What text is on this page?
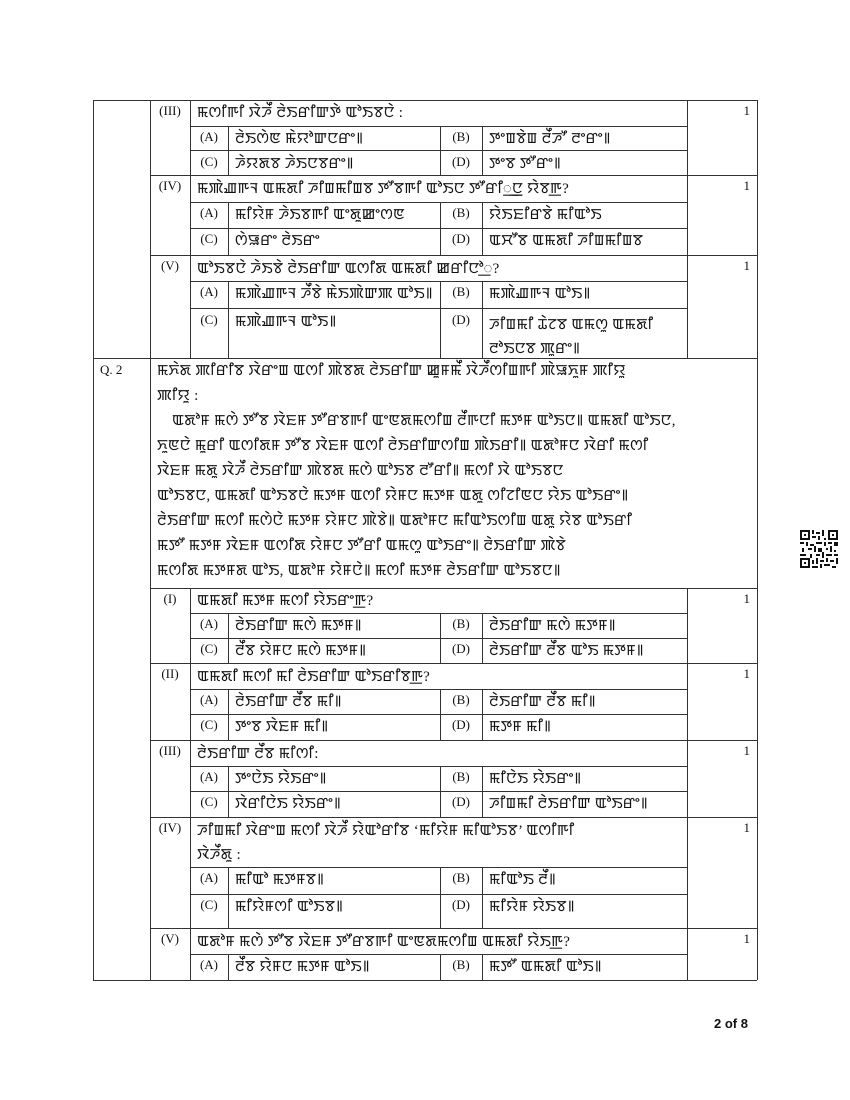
(III)	ꯃꯁꯤꯒꯤ ꯋꯥꯍꯩ ꯂꯥꯏꯔꯤꯛꯇꯥ ꯑꯣꯏꯕꯅꯥ :	1
(A)	ꯂꯥꯏꯁꯥꯟ ꯃꯥꯌꯣꯛꯅꯔꯦ꯫	(B)	ꯇꯦꯡꯕꯥꯡ ꯂꯩꯍꯧ ꯂꯦꯔꯦ꯫
(C)	ꯍꯥꯌꯗꯕ ꯍꯥꯏꯅꯕꯔꯦ꯫	(D)	ꯇꯦꯕ ꯇꯧꯔꯦ꯫
(IV)	ꯃꯄꯥꯉꯒꯜ ꯑꯃꯗꯤ ꯍꯤꯡꯃꯤꯡꯕ ꯇꯧꯕꯒꯤ ꯑꯣꯏꯅ ꯇꯧꯔꯤ꯭ꯅ ꯌꯥꯕꯒ꯭?	1
(A)	ꯃꯤꯌꯥꯝ ꯍꯥꯏꯕꯒꯤ ꯑꯦꯗꯨꯀꯦꯁꯟ	(B)	ꯌꯥꯏꯐꯤꯔꯕꯥ ꯃꯤꯑꯣꯏ
(C)	ꯁꯥꯎꯔꯦ ꯂꯥꯏꯔꯦ	(D)	ꯑꯆꯧꯕ ꯑꯃꯗꯤ ꯍꯤꯡꯃꯤꯡꯕ
(V)	ꯑꯣꯏꯕꯅꯥ ꯍꯥꯏꯕꯥ ꯂꯥꯏꯔꯤꯛ ꯑꯁꯤꯗ ꯑꯃꯗꯤ ꯀꯔꯤꯅꯣ꯭?	1
(A)	ꯃꯄꯥꯉꯒꯜ ꯍꯩꯕꯥ ꯃꯥꯏꯄꯥꯛꯄ ꯑꯣꯏ꯫	(B)	ꯃꯄꯥꯉꯒꯜ ꯑꯣꯏ꯫
(C)	ꯃꯄꯥꯉꯒꯜ ꯑꯣꯏ꯫	(D)	ꯍꯤꯡꯃꯤ ꯊꯥꯖꯕ ꯑꯃꯁꯨ ꯑꯃꯗꯤ ꯂꯣꯏꯅꯕ ꯄꯨꯔꯦ꯫
Q. 2 ꯃꯈꯥꯗ ꯄꯤꯔꯤꯕ ꯋꯥꯔꯦꯡ ꯑꯁꯤ ꯄꯥꯕꯗ ꯂꯥꯏꯔꯤꯛ ꯀꯨꯝꯃꯩ ꯋꯥꯍꯩꯁꯤꯡꯒꯤ ꯄꯥꯎꯈꯨꯝ ꯄꯤꯌꯨ
ꯄꯤꯌꯨ :
ꯑꯗꯣꯝ ꯃꯁꯥ ꯇꯧꯕ ꯋꯥꯐꯝ ꯇꯧꯔꯕꯒꯤ ꯑꯦꯟꯗꯃꯁꯤꯡ ꯂꯩꯒꯅꯤ ꯃꯇꯝ ꯑꯣꯏꯅ꯫ ꯑꯃꯗꯤ ꯑꯣꯏꯅ,
ꯈꯨꯟꯅꯥ ꯃꯨꯔꯤ ꯑꯁꯤꯗꯝ ꯇꯧꯕ ꯋꯥꯐꯝ ꯑꯁꯤ ꯂꯥꯏꯔꯤꯛꯁꯤꯡ ꯄꯥꯏꯔꯤ꯫ ꯑꯗꯣꯝꯅ ꯋꯥꯔꯤ ꯃꯁꯤ
ꯋꯥꯐꯝ ꯃꯗꯨ ꯋꯥꯍꯩ ꯂꯥꯏꯔꯤꯛ ꯄꯥꯕꯗ ꯃꯁꯥ ꯑꯣꯏꯕ ꯂꯧꯔꯤ꯫ ꯃꯁꯤ ꯋꯥ ꯑꯣꯏꯕꯅ
ꯑꯣꯏꯕꯅ, ꯑꯃꯗꯤ ꯑꯣꯏꯕꯅꯥ ꯃꯇꯝ ꯑꯁꯤ ꯌꯥꯝꯅ ꯃꯇꯝ ꯑꯗꯨ ꯁꯤꯖꯤꯟꯅ ꯌꯥꯏ ꯑꯣꯏꯔꯦ꯫
ꯂꯥꯏꯔꯤꯛ ꯃꯁꯤ ꯃꯁꯥꯅꯥ ꯃꯇꯝ ꯌꯥꯝꯅ ꯄꯥꯕꯥ꯫ ꯑꯗꯣꯝꯅ ꯃꯤꯑꯣꯏꯁꯤꯡ ꯑꯗꯨ ꯌꯥꯕ ꯑꯣꯏꯔꯤ
ꯃꯇꯧ ꯃꯇꯝ ꯋꯥꯐꯝ ꯑꯁꯤꯗ ꯌꯥꯝꯅ ꯇꯧꯔꯤ ꯑꯃꯁꯨ ꯑꯣꯏꯔꯦ꯫ ꯂꯥꯏꯔꯤꯛ ꯄꯥꯕꯥ
ꯃꯁꯤꯗ ꯃꯇꯝꯗ ꯑꯣꯏ, ꯑꯗꯣꯝ ꯌꯥꯝꯅꯥ꯫ ꯃꯁꯤ ꯃꯇꯝ ꯂꯥꯏꯔꯤꯛ ꯑꯣꯏꯕꯅ꯫
(I)	ꯑꯃꯗꯤ ꯃꯇꯝ ꯃꯁꯤ ꯌꯥꯏꯔꯦꯒ꯭?	1
(A)	ꯂꯥꯏꯔꯤꯛ ꯃꯁꯥ ꯃꯇꯝ꯫	(B)	ꯂꯥꯏꯔꯤꯛ ꯃꯁꯥ ꯃꯇꯝ꯫
(C)	ꯂꯩꯕ ꯌꯥꯝꯅ ꯃꯁꯥ ꯃꯇꯝ꯫	(D)	ꯂꯥꯏꯔꯤꯛ ꯂꯩꯕ ꯑꯣꯏ ꯃꯇꯝ꯫
(II)	ꯑꯃꯗꯤ ꯃꯁꯤ ꯃꯤ ꯂꯥꯏꯔꯤꯛ ꯑꯣꯏꯔꯤꯕꯒ꯭?	1
(A)	ꯂꯥꯏꯔꯤꯛ ꯂꯩꯕ ꯃꯤ꯫	(B)	ꯂꯥꯏꯔꯤꯛ ꯂꯩꯕ ꯃꯤ꯫
(C)	ꯇꯦꯕ ꯋꯥꯐꯝ ꯃꯤ꯫	(D)	ꯃꯇꯝ ꯃꯤ꯫
(III)	ꯂꯥꯏꯔꯤꯛ ꯂꯩꯕ ꯃꯤꯁꯤ:	1
(A)	ꯇꯦꯅꯥꯏ ꯌꯥꯏꯔꯦ꯫	(B)	ꯃꯤꯅꯥꯏ ꯌꯥꯏꯔꯦ꯫
(C)	ꯋꯥꯔꯤꯅꯥꯏ ꯌꯥꯏꯔꯦ꯫	(D)	ꯍꯤꯡꯃꯤ ꯂꯥꯏꯔꯤꯛ ꯑꯣꯏꯔꯦ꯫
(IV)	ꯍꯤꯡꯃꯤ ꯋꯥꯔꯦꯡ ꯃꯁꯤ ꯋꯥꯍꯩ ꯌꯥꯑꯣꯔꯤꯕ ‘ꯃꯤꯌꯥꯝ ꯃꯤꯑꯣꯏꯕ’ ꯑꯁꯤꯒꯤ
ꯋꯥꯍꯩꯗꯨ :
1
(A)	ꯃꯤꯑꯣ ꯃꯇꯝꯕ꯫	(B)	ꯃꯤꯑꯣꯏ ꯂꯩ꯫
(C)	ꯃꯤꯌꯥꯝꯁꯤ ꯑꯣꯏꯕ꯫	(D)	ꯃꯤꯌꯥꯝ ꯌꯥꯏꯕ꯫
(V)	ꯑꯗꯣꯝ ꯃꯁꯥ ꯇꯧꯕ ꯋꯥꯐꯝ ꯇꯧꯔꯕꯒꯤ ꯑꯦꯟꯗꯃꯁꯤꯡ ꯑꯃꯗꯤ ꯌꯥꯏꯒ꯭?	1
(A)	ꯂꯩꯕ ꯌꯥꯝꯅ ꯃꯇꯝ ꯑꯣꯏ꯫	(B)	ꯃꯇꯧ ꯑꯃꯗꯤ ꯑꯣꯏ꯫
2 of 8
